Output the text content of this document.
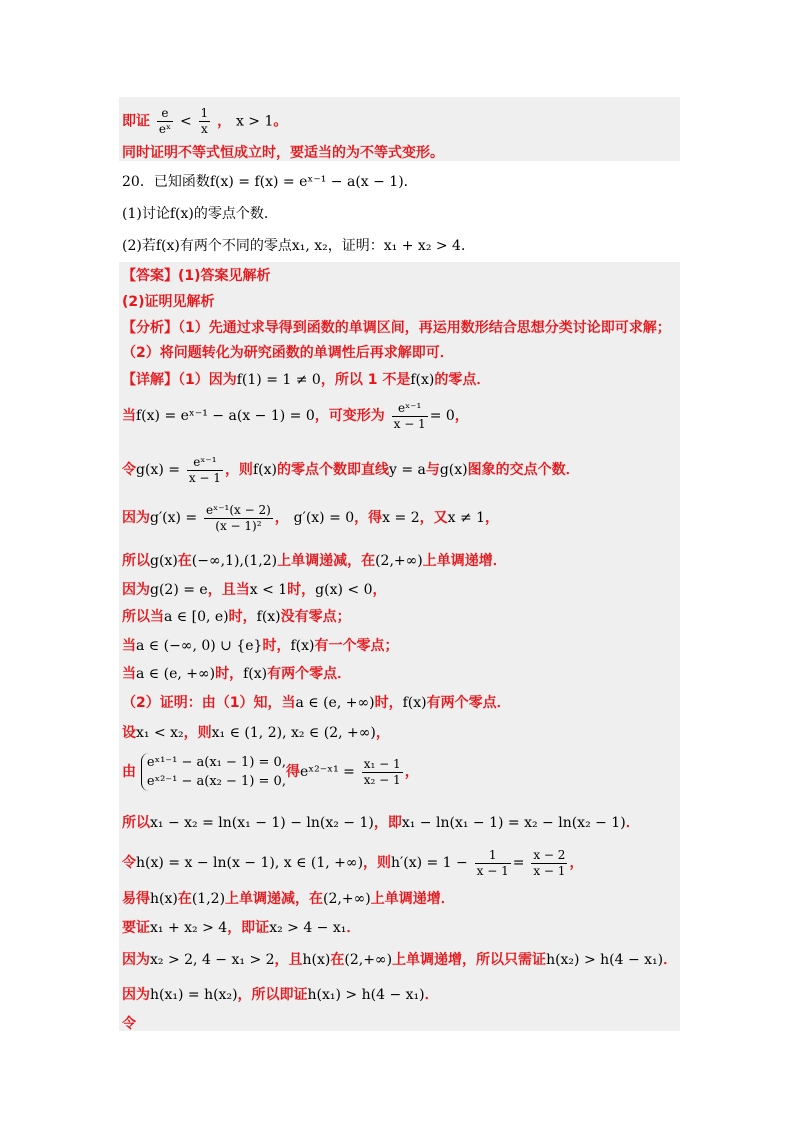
即证 $\frac{e}{\text{eˣ}} < \frac{1}{x}$ ， x > 1。
同时证明不等式恒成立时，要适当的为不等式变形。
20．已知函数f(x) = f(x) = eˣ⁻¹ − a(x − 1)．
(1)讨论f(x)的零点个数．
(2)若f(x)有两个不同的零点x₁, x₂，证明：x₁ + x₂ > 4．
【答案】(1)答案见解析
(2)证明见解析
【分析】（1）先通过求导得到函数的单调区间，再运用数形结合思想分类讨论即可求解；
（2）将问题转化为研究函数的单调性后再求解即可．
【详解】（1）因为f(1) = 1 ≠ 0，所以 1 不是f(x)的零点．
当f(x) = eˣ⁻¹ − a(x − 1) = 0，可变形为 $\frac{\text{eˣ⁻¹}}{x - 1} = 0$，
令$g(x) = \frac{\text{eˣ⁻¹}}{x - 1}$ ，则f(x)的零点个数即直线y = a与g(x)图象的交点个数．
因为$g'(x) = \frac{\text{eˣ⁻¹(x − 2)}}{\text{(x − 1)²}}$ ， g′(x) = 0，得x = 2，又x ≠ 1，
所以g(x)在(−∞,1),(1,2)上单调递减，在(2,+∞)上单调递增．
因为g(2) = e，且当x < 1时，g(x) < 0，
所以当a ∈ [0, e)时，f(x)没有零点；
当a ∈ (−∞, 0) ∪ {e}时，f(x)有一个零点；
当a ∈ (e, +∞)时，f(x)有两个零点．
（2）证明：由（1）知，当a ∈ (e, +∞)时，f(x)有两个零点．
设x₁ < x₂，则x₁ ∈ (1, 2), x₂ ∈ (2, +∞)，
由
eˣ¹⁻¹ − a(x₁ − 1) = 0,
eˣ²⁻¹ − a(x₂ − 1) = 0,
得eˣ²⁻ˣ¹ = $\frac{\text{x₁ − 1}}{\text{x₂ − 1}}$ ，
所以x₁ − x₂ = ln(x₁ − 1) − ln(x₂ − 1)，即x₁ − ln(x₁ − 1) = x₂ − ln(x₂ − 1)．
令h(x) = x − ln(x − 1), x ∈ (1, +∞)，则$h'(x) = 1 - \frac{1}{x - 1} = \frac{x - 2}{x - 1}$ ，
易得h(x)在(1,2)上单调递减，在(2,+∞)上单调递增．
要证x₁ + x₂ > 4，即证x₂ > 4 − x₁．
因为x₂ > 2, 4 − x₁ > 2，且h(x)在(2,+∞)上单调递增，所以只需证h(x₂) > h(4 − x₁)．
因为h(x₁) = h(x₂)，所以即证h(x₁) > h(4 − x₁)．
令
